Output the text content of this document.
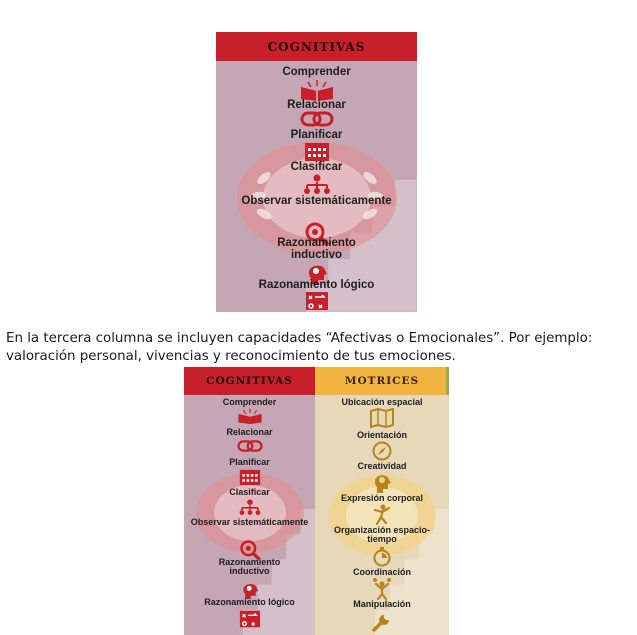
COGNITIVAS
Comprender
Relacionar
Planificar
Clasificar
Observar sistemáticamente
Razonamiento inductivo
Razonamiento lógico
En la tercera columna se incluyen capacidades “Afectivas o Emocionales”. Por ejemplo:
valoración personal, vivencias y reconocimiento de tus emociones.
COGNITIVAS
Comprender
Relacionar
Planificar
Clasificar
Observar sistemáticamente
Razonamiento inductivo
Razonamiento lógico
MOTRICES
Ubicación espacial
Orientación
Creatividad
Expresión corporal
Organización espacio- tiempo
Coordinación
Manipulación
